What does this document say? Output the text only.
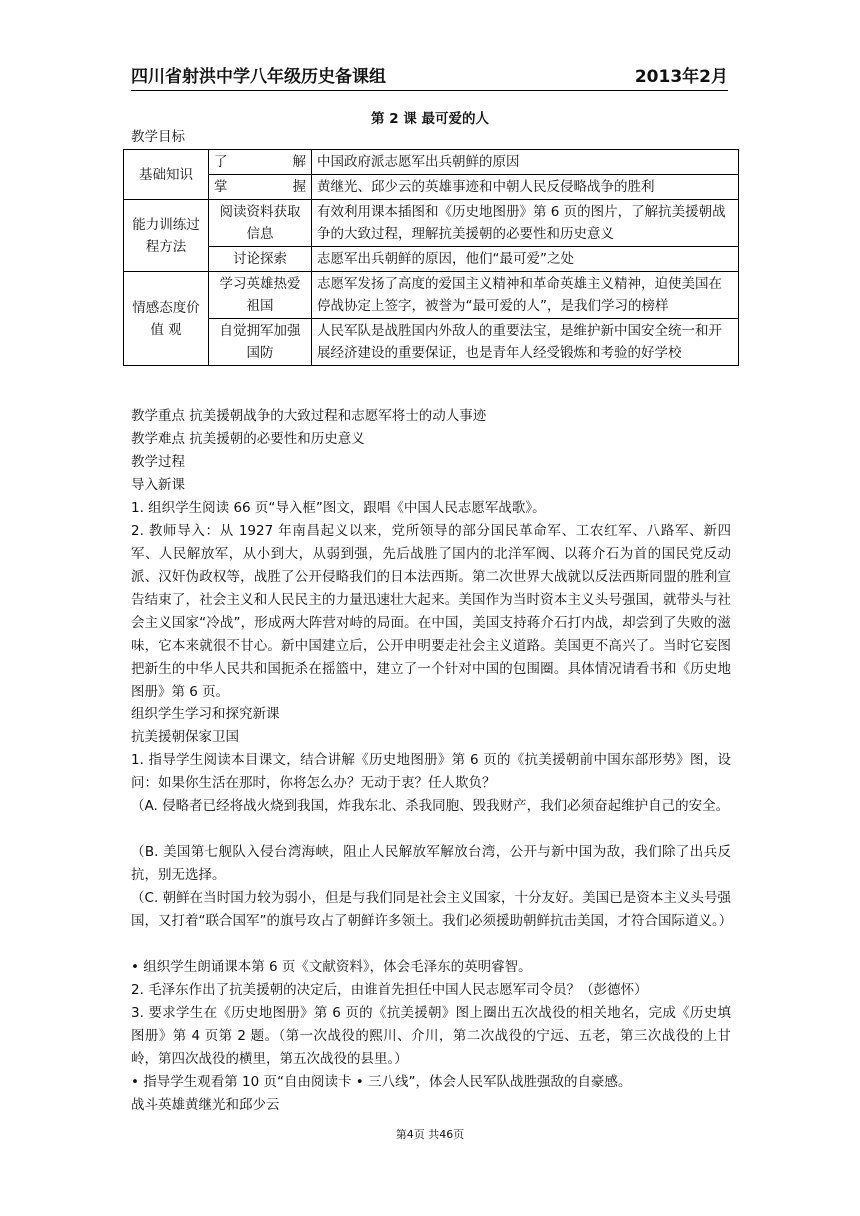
四川省射洪中学八年级历史备课组	2013年2月
第 2 课 最可爱的人
教学目标
基础知识	了 解	中国政府派志愿军出兵朝鲜的原因
	掌 握	黄继光、邱少云的英雄事迹和中朝人民反侵略战争的胜利
能力训练过程方法	阅读资料获取信息	有效利用课本插图和《历史地图册》第 6 页的图片，了解抗美援朝战争的大致过程，理解抗美援朝的必要性和历史意义
	讨论探索	志愿军出兵朝鲜的原因，他们“最可爱”之处
情感态度价 值 观	学习英雄热爱祖国	志愿军发扬了高度的爱国主义精神和革命英雄主义精神，迫使美国在停战协定上签字，被誉为“最可爱的人”，是我们学习的榜样
	自觉拥军加强国防	人民军队是战胜国内外敌人的重要法宝，是维护新中国安全统一和开展经济建设的重要保证，也是青年人经受锻炼和考验的好学校
教学重点 抗美援朝战争的大致过程和志愿军将士的动人事迹
教学难点 抗美援朝的必要性和历史意义
教学过程
导入新课
1. 组织学生阅读 66 页“导入框”图文，跟唱《中国人民志愿军战歌》。
2. 教师导入：从 1927 年南昌起义以来，党所领导的部分国民革命军、工农红军、八路军、新四军、人民解放军，从小到大，从弱到强，先后战胜了国内的北洋军阀、以蒋介石为首的国民党反动派、汉奸伪政权等，战胜了公开侵略我们的日本法西斯。第二次世界大战就以反法西斯同盟的胜利宣告结束了，社会主义和人民民主的力量迅速壮大起来。美国作为当时资本主义头号强国，就带头与社会主义国家“冷战”，形成两大阵营对峙的局面。在中国，美国支持蒋介石打内战，却尝到了失败的滋味，它本来就很不甘心。新中国建立后，公开申明要走社会主义道路。美国更不高兴了。当时它妄图把新生的中华人民共和国扼杀在摇篮中，建立了一个针对中国的包围圈。具体情况请看书和《历史地图册》第 6 页。
组织学生学习和探究新课
抗美援朝保家卫国
1. 指导学生阅读本目课文，结合讲解《历史地图册》第 6 页的《抗美援朝前中国东部形势》图，设问：如果你生活在那时，你将怎么办？无动于衷？任人欺负？
（A. 侵略者已经将战火烧到我国，炸我东北、杀我同胞、毁我财产，我们必须奋起维护自己的安全。
（B. 美国第七舰队入侵台湾海峡，阻止人民解放军解放台湾，公开与新中国为敌，我们除了出兵反抗，别无选择。
（C. 朝鲜在当时国力较为弱小，但是与我们同是社会主义国家，十分友好。美国已是资本主义头号强国，又打着“联合国军”的旗号攻占了朝鲜许多领土。我们必须援助朝鲜抗击美国，才符合国际道义。）
• 组织学生朗诵课本第 6 页《文献资料》，体会毛泽东的英明睿智。
2. 毛泽东作出了抗美援朝的决定后，由谁首先担任中国人民志愿军司令员？（彭德怀）
3. 要求学生在《历史地图册》第 6 页的《抗美援朝》图上圈出五次战役的相关地名，完成《历史填图册》第 4 页第 2 题。（第一次战役的熙川、介川，第二次战役的宁远、五老，第三次战役的上甘岭，第四次战役的横里，第五次战役的县里。）
• 指导学生观看第 10 页“自由阅读卡 • 三八线”，体会人民军队战胜强敌的自豪感。
战斗英雄黄继光和邱少云
第4页 共46页
